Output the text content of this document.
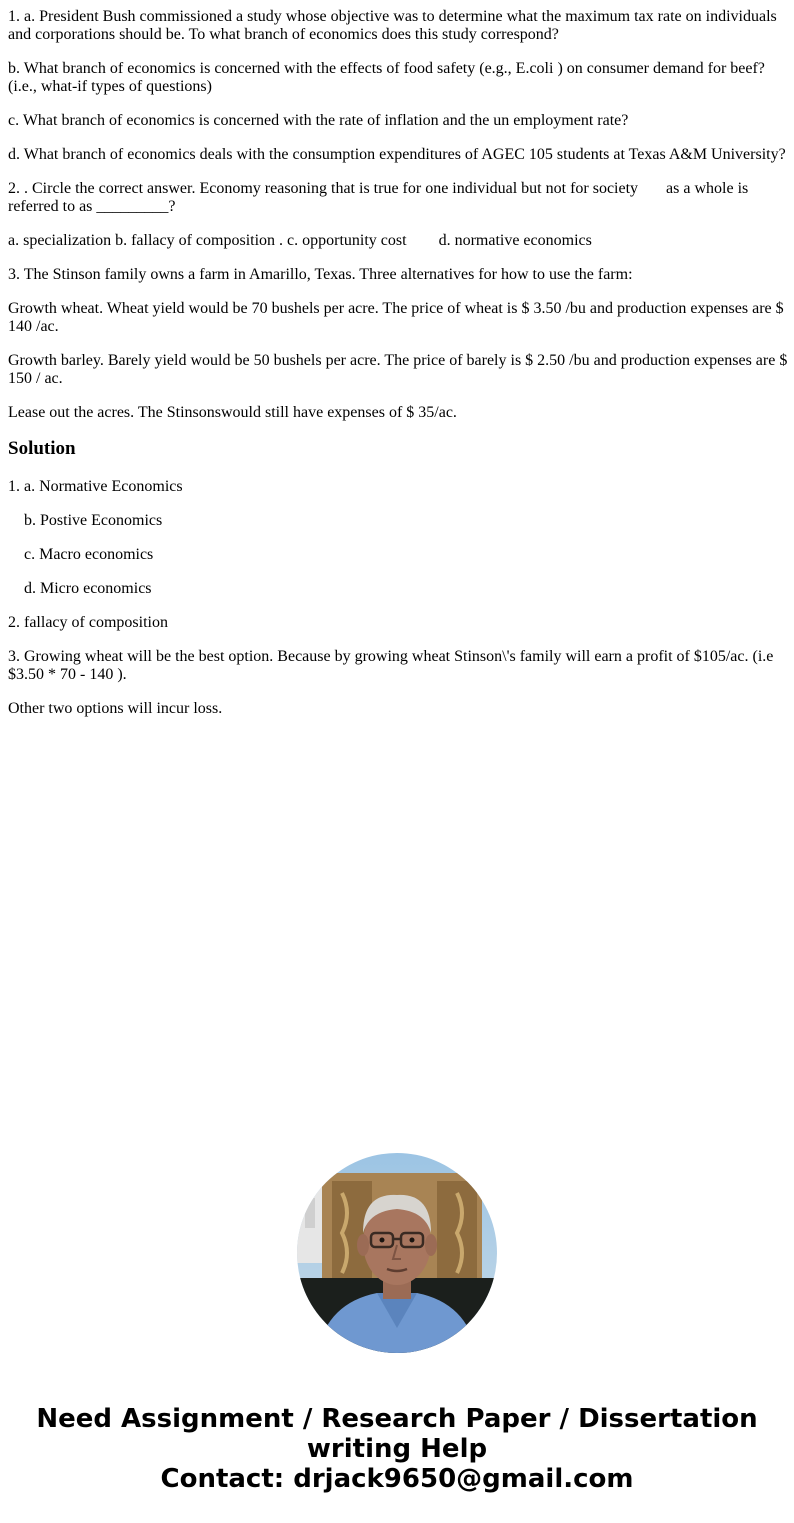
1. a. President Bush commissioned a study whose objective was to determine what the maximum tax rate on individuals and corporations should be. To what branch of economics does this study correspond?

b. What branch of economics is concerned with the effects of food safety (e.g., E.coli ) on consumer demand for beef? (i.e., what-if types of questions)

c. What branch of economics is concerned with the rate of inflation and the un employment rate?

d. What branch of economics deals with the consumption expenditures of AGEC 105 students at Texas A&M University?

2. . Circle the correct answer. Economy reasoning that is true for one individual but not for society       as a whole is referred to as _________?

a. specialization b. fallacy of composition . c. opportunity cost        d. normative economics

3. The Stinson family owns a farm in Amarillo, Texas. Three alternatives for how to use the farm:

Growth wheat. Wheat yield would be 70 bushels per acre. The price of wheat is $ 3.50 /bu and production expenses are $ 140 /ac.

Growth barley. Barely yield would be 50 bushels per acre. The price of barely is $ 2.50 /bu and production expenses are $ 150 / ac.

Lease out the acres. The Stinsonswould still have expenses of $ 35/ac.

Solution

1. a. Normative Economics

b. Postive Economics

c. Macro economics

d. Micro economics

2. fallacy of composition

3. Growing wheat will be the best option. Because by growing wheat Stinson\'s family will earn a profit of $105/ac. (i.e $3.50 * 70 - 140 ).

Other two options will incur loss.

Need Assignment / Research Paper / Dissertation
writing Help
Contact: drjack9650@gmail.com
